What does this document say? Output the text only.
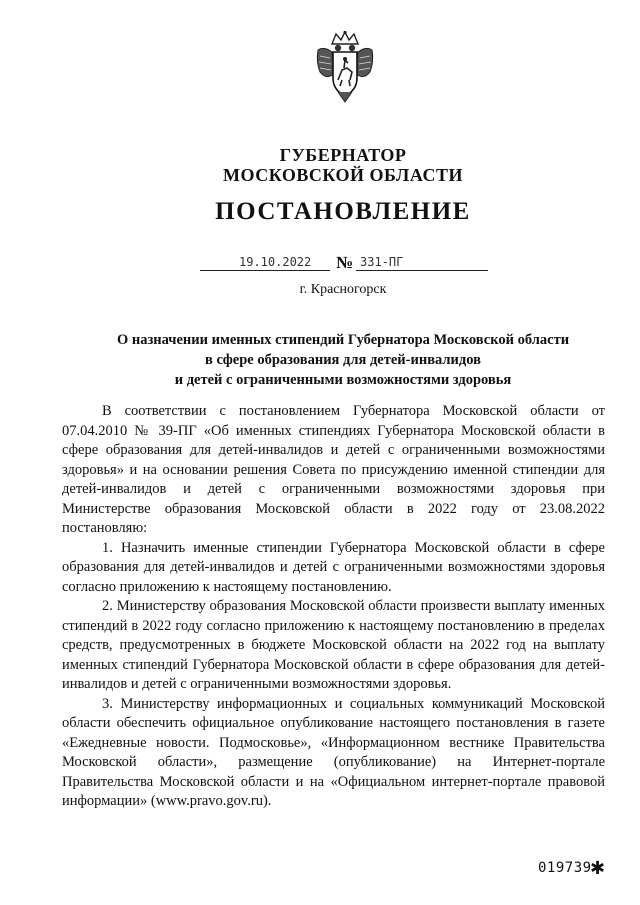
ГУБЕРНАТОР
МОСКОВСКОЙ ОБЛАСТИ
ПОСТАНОВЛЕНИЕ
19.10.2022 № 331-ПГ
г. Красногорск
О назначении именных стипендий Губернатора Московской области
в сфере образования для детей-инвалидов
и детей с ограниченными возможностями здоровья

В соответствии с постановлением Губернатора Московской области от 07.04.2010 № 39-ПГ «Об именных стипендиях Губернатора Московской области в сфере образования для детей-инвалидов и детей с ограниченными возможностями здоровья» и на основании решения Совета по присуждению именной стипендии для детей-инвалидов и детей с ограниченными возможностями здоровья при Министерстве образования Московской области в 2022 году от 23.08.2022 постановляю:

1. Назначить именные стипендии Губернатора Московской области в сфере образования для детей-инвалидов и детей с ограниченными возможностями здоровья согласно приложению к настоящему постановлению.

2. Министерству образования Московской области произвести выплату именных стипендий в 2022 году согласно приложению к настоящему постановлению в пределах средств, предусмотренных в бюджете Московской области на 2022 год на выплату именных стипендий Губернатора Московской области в сфере образования для детей-инвалидов и детей с ограниченными возможностями здоровья.

3. Министерству информационных и социальных коммуникаций Московской области обеспечить официальное опубликование настоящего постановления в газете «Ежедневные новости. Подмосковье», «Информационном вестнике Правительства Московской области», размещение (опубликование) на Интернет-портале Правительства Московской области и на «Официальном интернет-портале правовой информации» (www.pravo.gov.ru).

019739
✱
